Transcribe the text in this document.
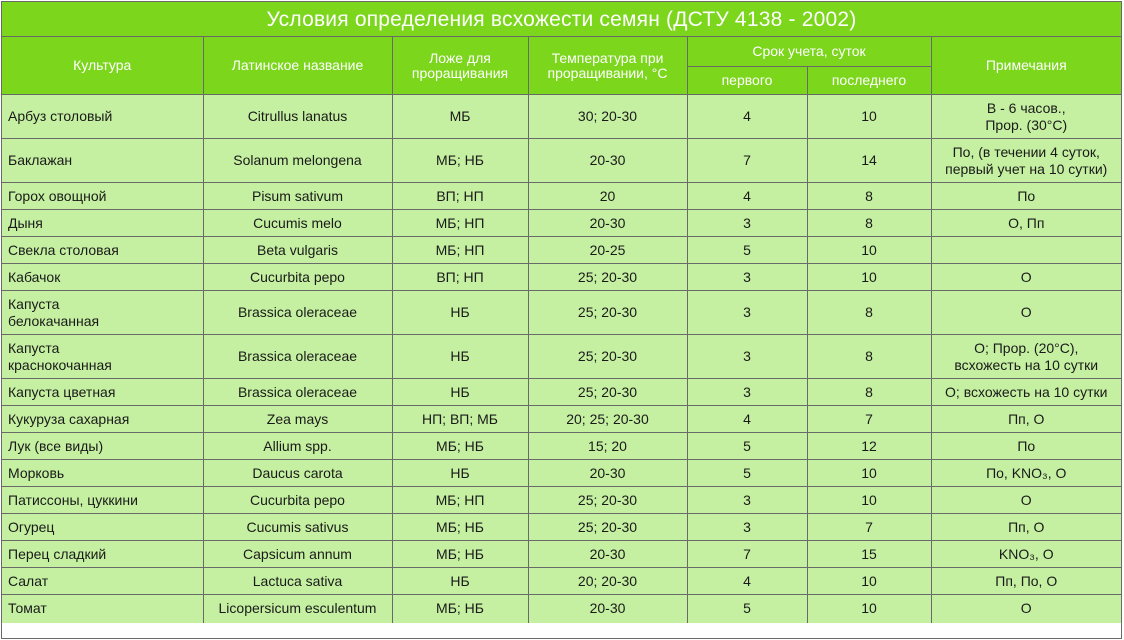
Условия определения всхожести семян (ДСТУ 4138 - 2002)
Культура	Латинское название	Ложе для проращивания	Температура при проращивании, °С	Срок учета, суток		Примечания
				первого	последнего	
Арбуз столовый	Citrullus lanatus	МБ	30; 20-30	4	10	В - 6 часов.,
Прор. (30°С)
Баклажан	Solanum melongena	МБ; НБ	20-30	7	14	По, (в течении 4 суток,
первый учет на 10 сутки)
Горох овощной	Pisum sativum	ВП; НП	20	4	8	По
Дыня	Cucumis melo	МБ; НП	20-30	3	8	О, Пп
Свекла столовая	Beta vulgaris	МБ; НП	20-25	5	10	
Кабачок	Cucurbita pepo	ВП; НП	25; 20-30	3	10	О
Капуста
белокачанная	Brassica oleraceae	НБ	25; 20-30	3	8	О
Капуста
краснокочанная	Brassica oleraceae	НБ	25; 20-30	3	8	О; Прор. (20°С),
всхожесть на 10 сутки
Капуста цветная	Brassica oleraceae	НБ	25; 20-30	3	8	О; всхожесть на 10 сутки
Кукуруза сахарная	Zea mays	НП; ВП; МБ	20; 25; 20-30	4	7	Пп, О
Лук (все виды)	Allium spp.	МБ; НБ	15; 20	5	12	По
Морковь	Daucus carota	НБ	20-30	5	10	По, KNO₃, О
Патиссоны, цуккини	Cucurbita pepo	МБ; НП	25; 20-30	3	10	О
Огурец	Cucumis sativus	МБ; НБ	25; 20-30	3	7	Пп, О
Перец сладкий	Capsicum annum	МБ; НБ	20-30	7	15	KNO₃, О
Салат	Lactuca sativa	НБ	20; 20-30	4	10	Пп, По, О
Томат	Licopersicum esculentum	МБ; НБ	20-30	5	10	О
